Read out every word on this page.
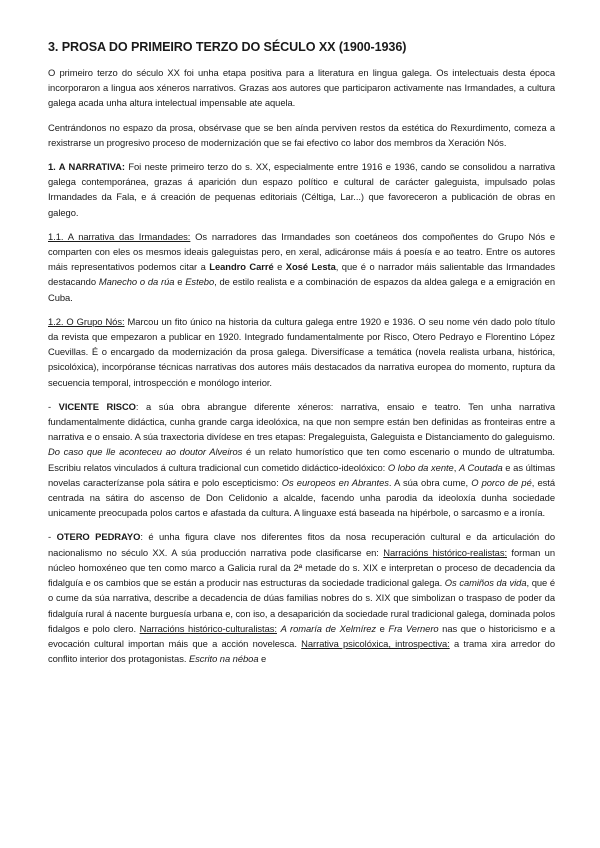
3. PROSA DO PRIMEIRO TERZO DO SÉCULO XX (1900-1936)

O primeiro terzo do século XX foi unha etapa positiva para a literatura en lingua galega. Os intelectuais desta época incorporaron a lingua aos xéneros narrativos. Grazas aos autores que participaron activamente nas Irmandades, a cultura galega acada unha altura intelectual impensable ate aquela.

Centrándonos no espazo da prosa, obsérvase que se ben aínda perviven restos da estética do Rexurdimento, comeza a rexistrarse un progresivo proceso de modernización que se fai efectivo co labor dos membros da Xeración Nós.

1. A NARRATIVA: Foi neste primeiro terzo do s. XX, especialmente entre 1916 e 1936, cando se consolidou a narrativa galega contemporánea, grazas á aparición dun espazo político e cultural de carácter galeguista, impulsado polas Irmandades da Fala, e á creación de pequenas editoriais (Céltiga, Lar...) que favoreceron a publicación de obras en galego.

1.1. A narrativa das Irmandades: Os narradores das Irmandades son coetáneos dos compoñentes do Grupo Nós e comparten con eles os mesmos ideais galeguistas pero, en xeral, adicáronse máis á poesía e ao teatro. Entre os autores máis representativos podemos citar a Leandro Carré e Xosé Lesta, que é o narrador máis salientable das Irmandades destacando Manecho o da rúa e Estebo, de estilo realista e a combinación de espazos da aldea galega e a emigración en Cuba.

1.2. O Grupo Nós: Marcou un fito único na historia da cultura galega entre 1920 e 1936. O seu nome vén dado polo título da revista que empezaron a publicar en 1920. Integrado fundamentalmente por Risco, Otero Pedrayo e Florentino López Cuevillas. É o encargado da modernización da prosa galega. Diversifícase a temática (novela realista urbana, histórica, psicolóxica), incorpóranse técnicas narrativas dos autores máis destacados da narrativa europea do momento, ruptura da secuencia temporal, introspección e monólogo interior.

- VICENTE RISCO: a súa obra abrangue diferente xéneros: narrativa, ensaio e teatro. Ten unha narrativa fundamentalmente didáctica, cunha grande carga ideolóxica, na que non sempre están ben definidas as fronteiras entre a narrativa e o ensaio. A súa traxectoria divídese en tres etapas: Pregaleguista, Galeguista e Distanciamento do galeguismo. Do caso que lle aconteceu ao doutor Alveiros é un relato humorístico que ten como escenario o mundo de ultratumba. Escribiu relatos vinculados á cultura tradicional cun cometido didáctico-ideolóxico: O lobo da xente, A Coutada e as últimas novelas caracterízanse pola sátira e polo escepticismo: Os europeos en Abrantes. A súa obra cume, O porco de pé, está centrada na sátira do ascenso de Don Celidonio a alcalde, facendo unha parodia da ideoloxía dunha sociedade unicamente preocupada polos cartos e afastada da cultura. A linguaxe está baseada na hipérbole, o sarcasmo e a ironía.

- OTERO PEDRAYO: é unha figura clave nos diferentes fitos da nosa recuperación cultural e da articulación do nacionalismo no século XX. A súa producción narrativa pode clasificarse en: Narracións histórico-realistas: forman un núcleo homoxéneo que ten como marco a Galicia rural da 2ª metade do s. XIX e interpretan o proceso de decadencia da fidalguía e os cambios que se están a producir nas estructuras da sociedade tradicional galega. Os camiños da vida, que é o cume da súa narrativa, describe a decadencia de dúas familias nobres do s. XIX que simbolizan o traspaso de poder da fidalguía rural á nacente burguesía urbana e, con iso, a desaparición da sociedade rural tradicional galega, dominada polos fidalgos e polo clero. Narracións histórico-culturalistas: A romaría de Xelmírez e Fra Vernero nas que o historicismo e a evocación cultural importan máis que a acción novelesca. Narrativa psicolóxica, introspectiva: a trama xira arredor do conflito interior dos protagonistas. Escrito na néboa e
